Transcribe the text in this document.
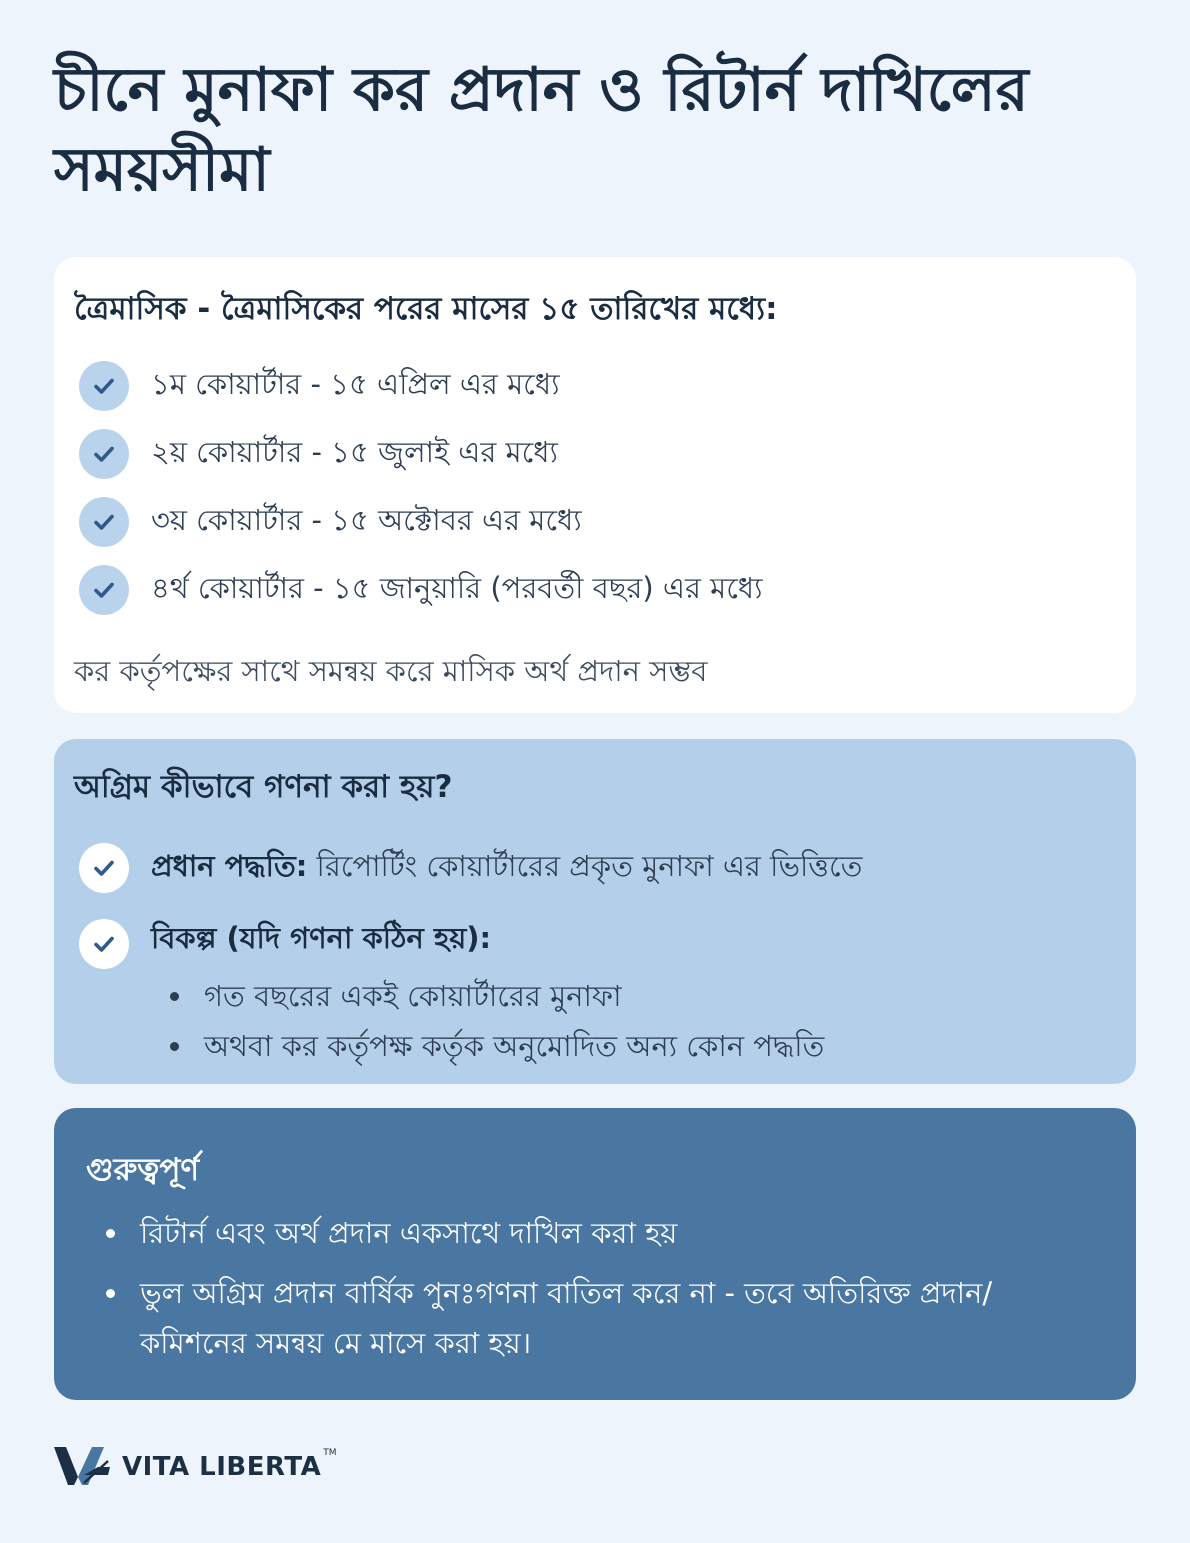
চীনে মুনাফা কর প্রদান ও রিটার্ন দাখিলের সময়সীমা
ত্রৈমাসিক - ত্রৈমাসিকের পরের মাসের ১৫ তারিখের মধ্যে:
১ম কোয়ার্টার - ১৫ এপ্রিল এর মধ্যে
২য় কোয়ার্টার - ১৫ জুলাই এর মধ্যে
৩য় কোয়ার্টার - ১৫ অক্টোবর এর মধ্যে
৪র্থ কোয়ার্টার - ১৫ জানুয়ারি (পরবর্তী বছর) এর মধ্যে
কর কর্তৃপক্ষের সাথে সমন্বয় করে মাসিক অর্থ প্রদান সম্ভব
অগ্রিম কীভাবে গণনা করা হয়?
প্রধান পদ্ধতি: রিপোর্টিং কোয়ার্টারের প্রকৃত মুনাফা এর ভিত্তিতে
বিকল্প (যদি গণনা কঠিন হয়):
গত বছরের একই কোয়ার্টারের মুনাফা
অথবা কর কর্তৃপক্ষ কর্তৃক অনুমোদিত অন্য কোন পদ্ধতি
গুরুত্বপূর্ণ
রিটার্ন এবং অর্থ প্রদান একসাথে দাখিল করা হয়
ভুল অগ্রিম প্রদান বার্ষিক পুনঃগণনা বাতিল করে না - তবে অতিরিক্ত প্রদান/কমিশনের সমন্বয় মে মাসে করা হয়।
VITA LIBERTA TM
